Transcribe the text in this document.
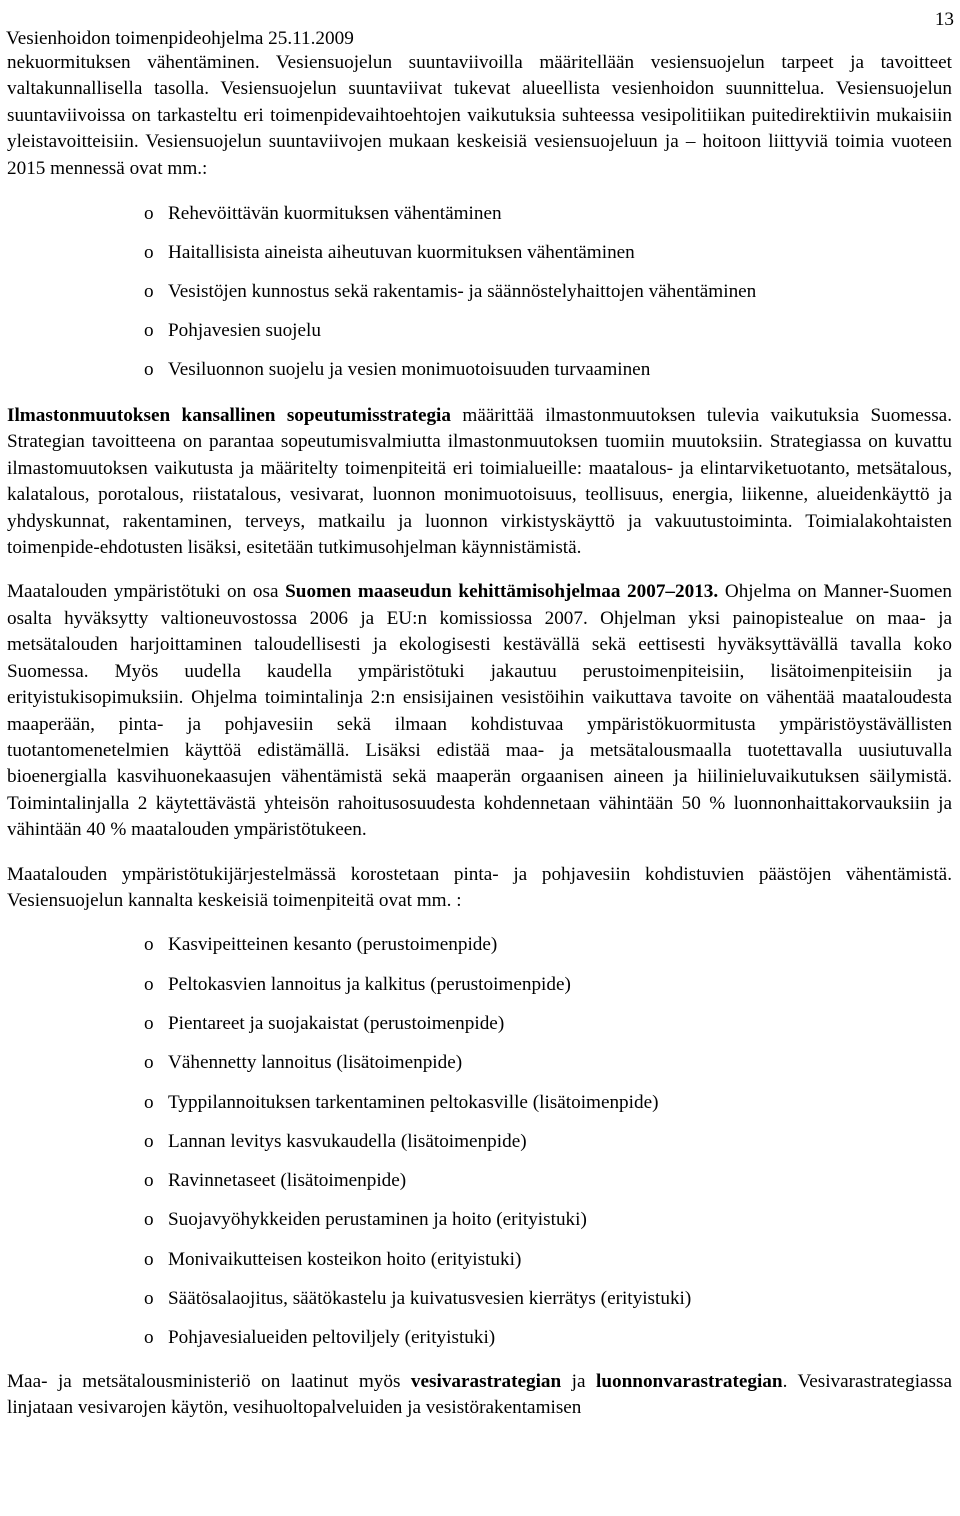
Vesienhoidon toimenpideohjelma 25.11.2009
13

nekuormituksen vähentäminen. Vesiensuojelun suuntaviivoilla määritellään vesiensuojelun tarpeet ja tavoitteet valtakunnallisella tasolla. Vesiensuojelun suuntaviivat tukevat alueellista vesienhoidon suunnittelua. Vesiensuojelun suuntaviivoissa on tarkasteltu eri toimenpidevaihtoehtojen vaikutuksia suhteessa vesipolitiikan puitedirektiivin mukaisiin yleistavoitteisiin. Vesiensuojelun suuntaviivojen mukaan keskeisiä vesiensuojeluun ja – hoitoon liittyviä toimia vuoteen 2015 mennessä ovat mm.:

o Rehevöittävän kuormituksen vähentäminen
o Haitallisista aineista aiheutuvan kuormituksen vähentäminen
o Vesistöjen kunnostus sekä rakentamis- ja säännöstelyhaittojen vähentäminen
o Pohjavesien suojelu
o Vesiluonnon suojelu ja vesien monimuotoisuuden turvaaminen

Ilmastonmuutoksen kansallinen sopeutumisstrategia määrittää ilmastonmuutoksen tulevia vaikutuksia Suomessa. Strategian tavoitteena on parantaa sopeutumisvalmiutta ilmastonmuutoksen tuomiin muutoksiin. Strategiassa on kuvattu ilmastomuutoksen vaikutusta ja määritelty toimenpiteitä eri toimialueille: maatalous- ja elintarviketuotanto, metsätalous, kalatalous, porotalous, riistatalous, vesivarat, luonnon monimuotoisuus, teollisuus, energia, liikenne, alueidenkäyttö ja yhdyskunnat, rakentaminen, terveys, matkailu ja luonnon virkistyskäyttö ja vakuutustoiminta. Toimialakohtaisten toimenpide-ehdotusten lisäksi, esitetään tutkimusohjelman käynnistämistä.

Maatalouden ympäristötuki on osa Suomen maaseudun kehittämisohjelmaa 2007–2013. Ohjelma on Manner-Suomen osalta hyväksytty valtioneuvostossa 2006 ja EU:n komissiossa 2007. Ohjelman yksi painopistealue on maa- ja metsätalouden harjoittaminen taloudellisesti ja ekologisesti kestävällä sekä eettisesti hyväksyttävällä tavalla koko Suomessa. Myös uudella kaudella ympäristötuki jakautuu perustoimenpiteisiin, lisätoimenpiteisiin ja erityistukisopimuksiin. Ohjelma toimintalinja 2:n ensisijainen vesistöihin vaikuttava tavoite on vähentää maataloudesta maaperään, pinta- ja pohjavesiin sekä ilmaan kohdistuvaa ympäristökuormitusta ympäristöystävällisten tuotantomenetelmien käyttöä edistämällä. Lisäksi edistää maa- ja metsätalousmaalla tuotettavalla uusiutuvalla bioenergialla kasvihuonekaasujen vähentämistä sekä maaperän orgaanisen aineen ja hiilinieluvaikutuksen säilymistä. Toimintalinjalla 2 käytettävästä yhteisön rahoitusosuudesta kohdennetaan vähintään 50 % luonnonhaittakorvauksiin ja vähintään 40 % maatalouden ympäristötukeen.

Maatalouden ympäristötukijärjestelmässä korostetaan pinta- ja pohjavesiin kohdistuvien päästöjen vähentämistä. Vesiensuojelun kannalta keskeisiä toimenpiteitä ovat mm. :

o Kasvipeitteinen kesanto (perustoimenpide)
o Peltokasvien lannoitus ja kalkitus (perustoimenpide)
o Pientareet ja suojakaistat (perustoimenpide)
o Vähennetty lannoitus (lisätoimenpide)
o Typpilannoituksen tarkentaminen peltokasville (lisätoimenpide)
o Lannan levitys kasvukaudella (lisätoimenpide)
o Ravinnetaseet (lisätoimenpide)
o Suojavyöhykkeiden perustaminen ja hoito (erityistuki)
o Monivaikutteisen kosteikon hoito (erityistuki)
o Säätösalaojitus, säätökastelu ja kuivatusvesien kierrätys (erityistuki)
o Pohjavesialueiden peltoviljely (erityistuki)

Maa- ja metsätalousministeriö on laatinut myös vesivarastrategian ja luonnonvarastrategian. Vesivarastrategiassa linjataan vesivarojen käytön, vesihuoltopalveluiden ja vesistörakentamisen
